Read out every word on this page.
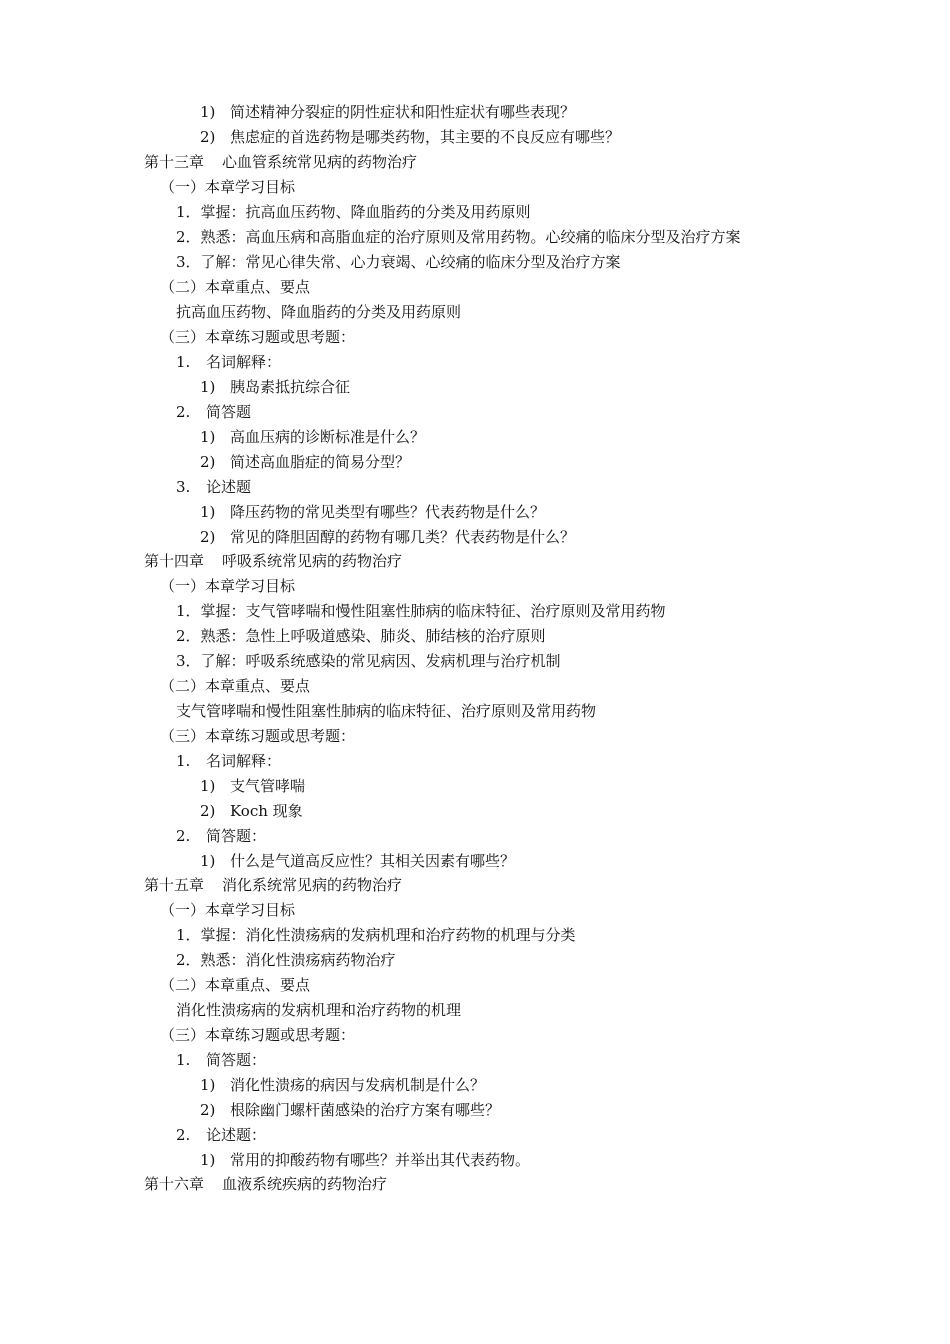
1) 简述精神分裂症的阴性症状和阳性症状有哪些表现？
2) 焦虑症的首选药物是哪类药物，其主要的不良反应有哪些？
第十三章 心血管系统常见病的药物治疗
（一）本章学习目标
1．掌握：抗高血压药物、降血脂药的分类及用药原则
2．熟悉：高血压病和高脂血症的治疗原则及常用药物。心绞痛的临床分型及治疗方案
3．了解：常见心律失常、心力衰竭、心绞痛的临床分型及治疗方案
（二）本章重点、要点
抗高血压药物、降血脂药的分类及用药原则
（三）本章练习题或思考题：
1. 名词解释：
1) 胰岛素抵抗综合征
2. 简答题
1) 高血压病的诊断标准是什么？
2) 简述高血脂症的简易分型？
3. 论述题
1) 降压药物的常见类型有哪些？代表药物是什么？
2) 常见的降胆固醇的药物有哪几类？代表药物是什么？
第十四章 呼吸系统常见病的药物治疗
（一）本章学习目标
1．掌握：支气管哮喘和慢性阻塞性肺病的临床特征、治疗原则及常用药物
2．熟悉：急性上呼吸道感染、肺炎、肺结核的治疗原则
3．了解：呼吸系统感染的常见病因、发病机理与治疗机制
（二）本章重点、要点
支气管哮喘和慢性阻塞性肺病的临床特征、治疗原则及常用药物
（三）本章练习题或思考题：
1. 名词解释：
1) 支气管哮喘
2) Koch 现象
2. 简答题：
1) 什么是气道高反应性？其相关因素有哪些？
第十五章 消化系统常见病的药物治疗
（一）本章学习目标
1．掌握：消化性溃疡病的发病机理和治疗药物的机理与分类
2．熟悉：消化性溃疡病药物治疗
（二）本章重点、要点
消化性溃疡病的发病机理和治疗药物的机理
（三）本章练习题或思考题：
1. 简答题：
1) 消化性溃疡的病因与发病机制是什么？
2) 根除幽门螺杆菌感染的治疗方案有哪些？
2. 论述题：
1) 常用的抑酸药物有哪些？并举出其代表药物。
第十六章 血液系统疾病的药物治疗
